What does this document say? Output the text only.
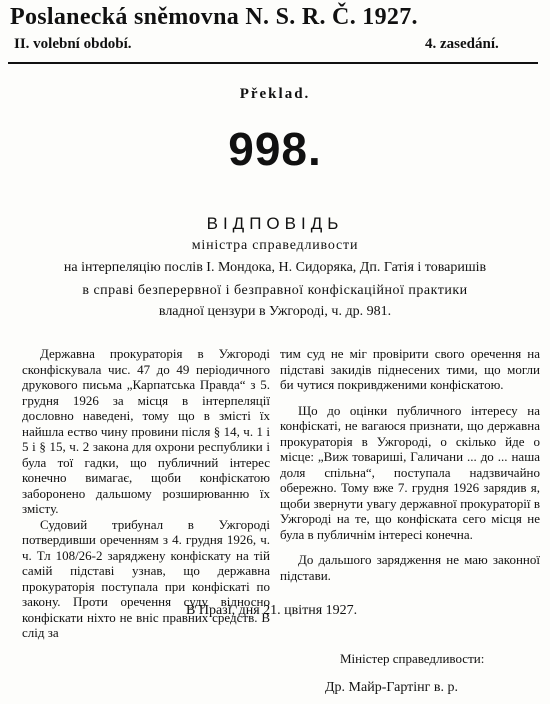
Poslanecká sněmovna N. S. R. Č. 1927.
II. volební období.	4. zasedání.
Překlad.
998.
ВІДПОВІДЬ
міністра справедливости
на інтерпеляцію послів І. Мондока, Н. Сидоряка, Дп. Гатія і товаришів
в справі безперервної і безправної конфіскаційної практики
владної цензури в Ужгороді, ч. др. 981.

Державна прокураторія в Ужгороді сконфіскувала чис. 47 до 49 періодичного друкового письма „Карпатська Правда“ з 5. грудня 1926 за місця в інтерпеляції дословно наведені, тому що в змісті їх найшла ество чину провини після § 14, ч. 1 і 5 і § 15, ч. 2 закона для охрони республики і була тої гадки, що публичний інтерес конечно вимагає, щоби конфіскатою заборонено дальшому розширюванню їх змісту.

Судовий трибунал в Ужгороді потвердивши ореченням з 4. грудня 1926, ч. ч. Тл 108/26-2 заряджену конфіскату на тій самій підставі узнав, що державна прокураторія поступала при конфіскаті по закону. Проти оречення суду відносно конфіскати ніхто не вніс правних средств. В слід за

тим суд не міг провірити свого оречення на підставі закидів піднесених тими, що могли би чутися покривдженими конфіскатою.

Що до оцінки публичного інтересу на конфіскаті, не вагаюся признати, що державна прокураторія в Ужгороді, о скілько йде о місце: „Виж товариші, Галичани ... до ... наша доля спільна“, поступала надзвичайно обережно. Тому вже 7. грудня 1926 зарядив я, щоби звернути увагу державної прокураторії в Ужгороді на те, що конфіската сего місця не була в публичнім інтересі конечна.

До дальшого зарядження не маю законної підстави.

В Празі, дня 21. цвітня 1927.
Міністер справедливости:
Др. Майр-Гартінг в. р.
